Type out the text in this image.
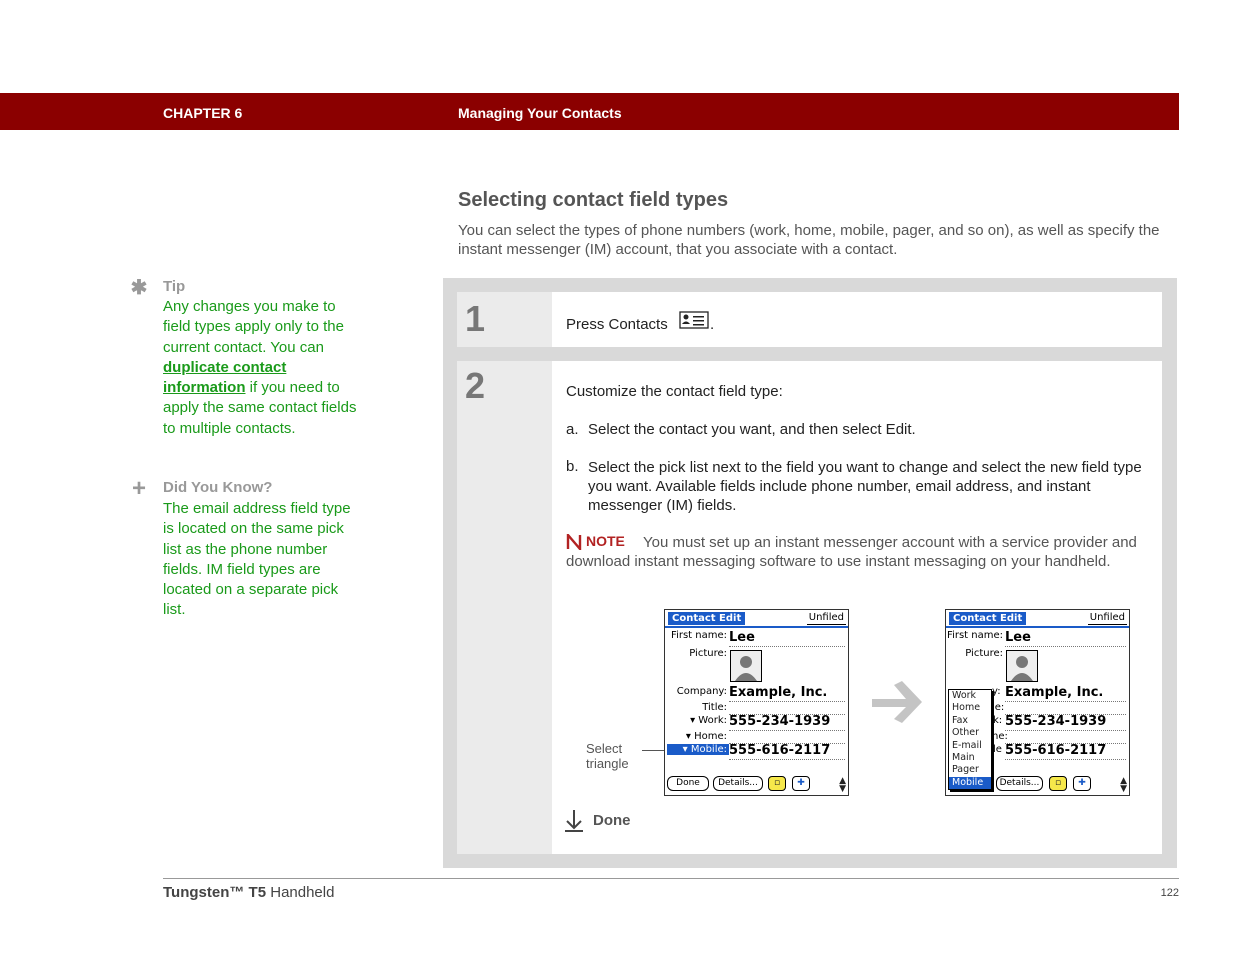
CHAPTER 6	Managing Your Contacts
Selecting contact field types
You can select the types of phone numbers (work, home, mobile, pager, and so on), as well as specify the instant messenger (IM) account, that you associate with a contact.
✱ Tip
Any changes you make to field types apply only to the current contact. You can duplicate contact information if you need to apply the same contact fields to multiple contacts.
+ Did You Know?
The email address field type is located on the same pick list as the phone number fields. IM field types are located on a separate pick list.
1	Press Contacts	.
2	Customize the contact field type:
a. Select the contact you want, and then select Edit.
b. Select the pick list next to the field you want to change and select the new field type you want. Available fields include phone number, email address, and instant messenger (IM) fields.
NOTE	You must set up an instant messenger account with a service provider and download instant messaging software to use instant messaging on your handheld.
Select triangle
Contact Edit	Unfiled
First name: Lee
Picture:
Company: Example, Inc.
Title:
▾ Work: 555-234-1939
▾ Home:
▾ Mobile: 555-616-2117
Done	Details...	▫	✚	▲
▼
Contact Edit	Unfiled
First name: Lee
Picture:
y: Example, Inc.
le:
k: 555-234-1939
ne:
le 555-616-2117
Work
Home
Fax
Other
E-mail
Main
Pager
Mobile	Details...	▫	✚	▲
▼
Done
Tungsten™ T5 Handheld	122
